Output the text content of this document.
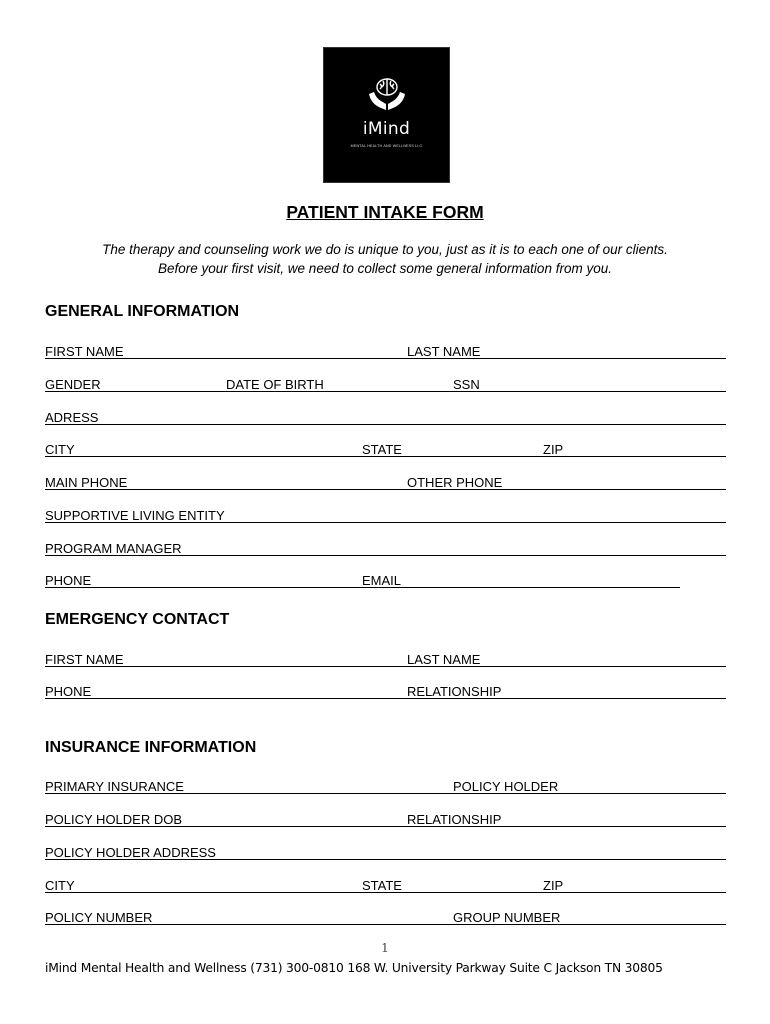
iMind
MENTAL HEALTH AND WELLNESS LLC
PATIENT INTAKE FORM
The therapy and counseling work we do is unique to you, just as it is to each one of our clients.
Before your first visit, we need to collect some general information from you.
GENERAL INFORMATION
FIRST NAME	LAST NAME
GENDER	DATE OF BIRTH	SSN
ADRESS
CITY	STATE	ZIP
MAIN PHONE	OTHER PHONE
SUPPORTIVE LIVING ENTITY
PROGRAM MANAGER
PHONE	EMAIL
EMERGENCY CONTACT
FIRST NAME	LAST NAME
PHONE	RELATIONSHIP
INSURANCE INFORMATION
PRIMARY INSURANCE	POLICY HOLDER
POLICY HOLDER DOB	RELATIONSHIP
POLICY HOLDER ADDRESS
CITY	STATE	ZIP
POLICY NUMBER	GROUP NUMBER
1
iMind Mental Health and Wellness (731) 300-0810 168 W. University Parkway Suite C Jackson TN 30805
